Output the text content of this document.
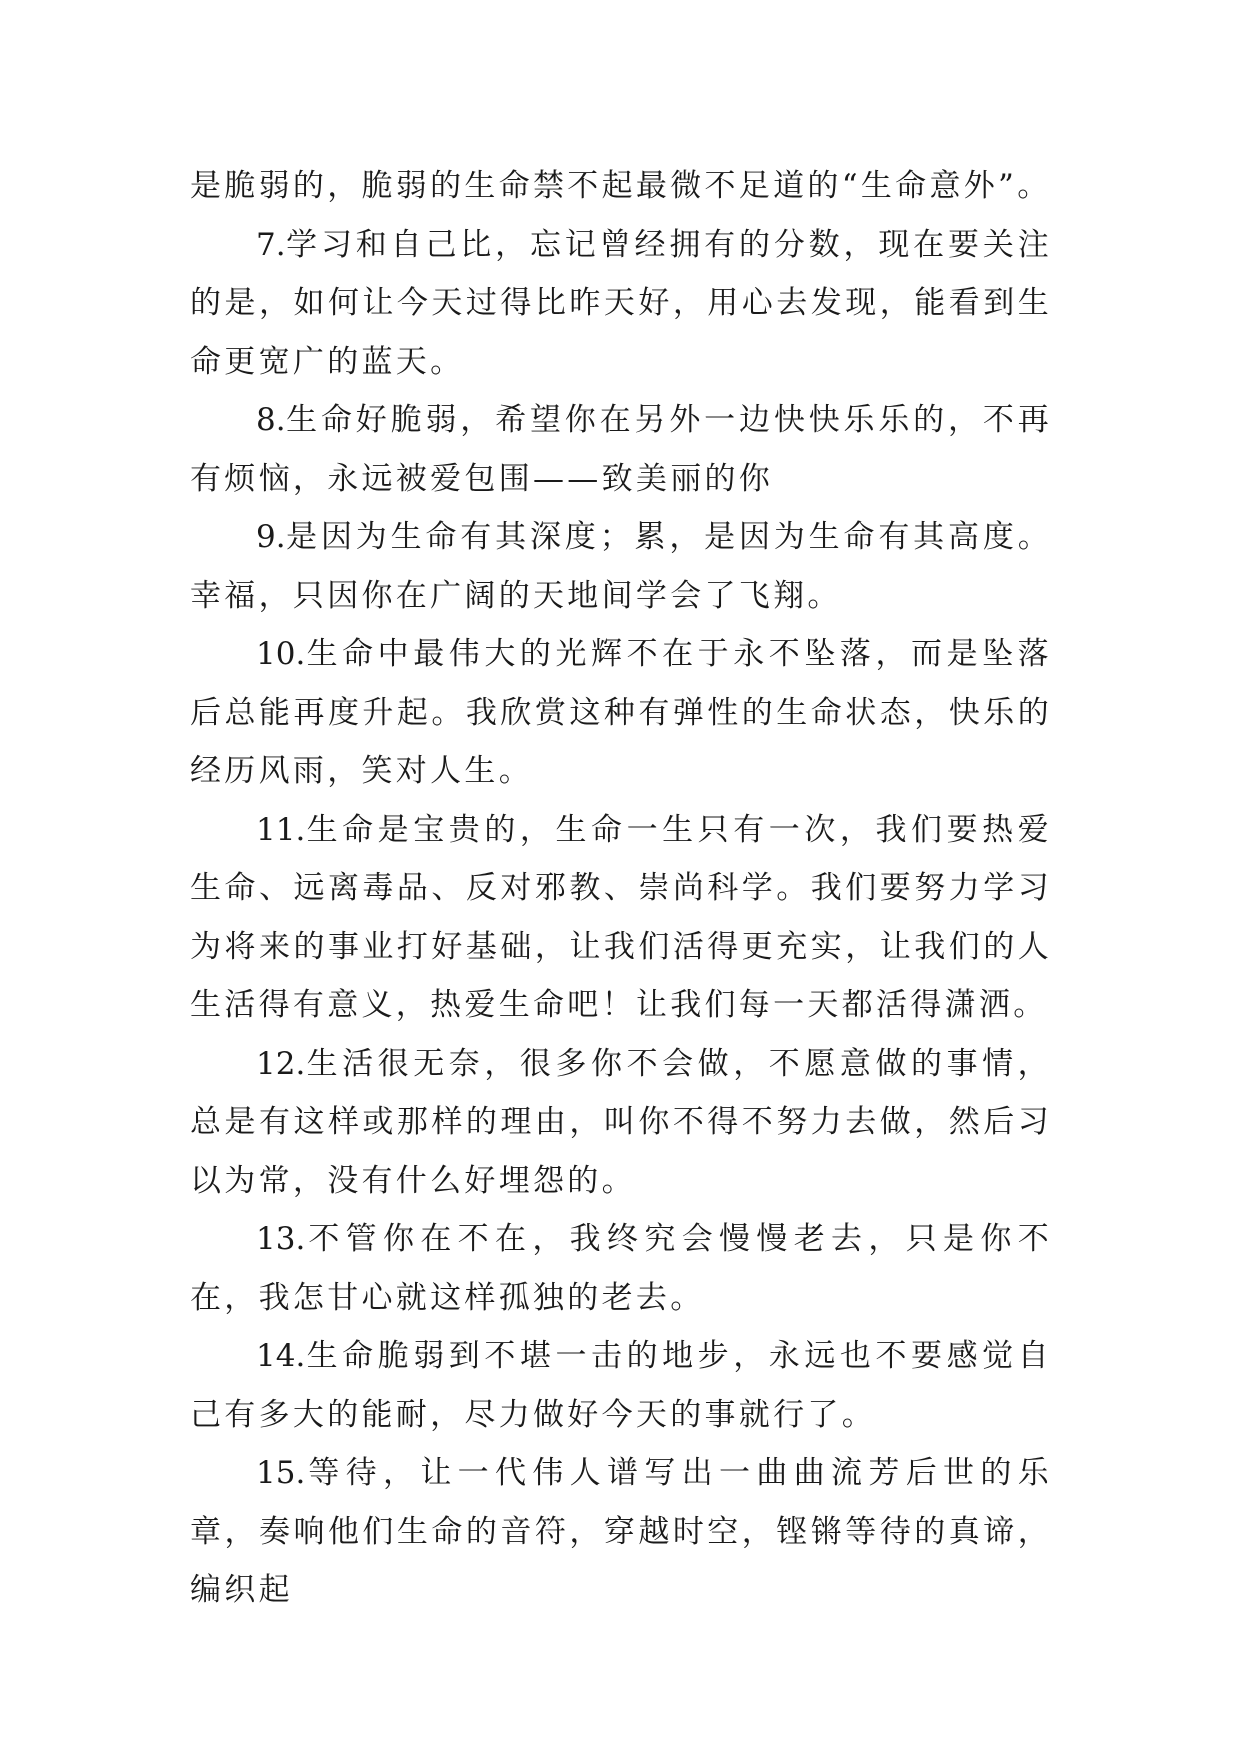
是脆弱的，脆弱的生命禁不起最微不足道的“生命意外”。

7.学习和自己比，忘记曾经拥有的分数，现在要关注的是，如何让今天过得比昨天好，用心去发现，能看到生命更宽广的蓝天。

8.生命好脆弱，希望你在另外一边快快乐乐的，不再有烦恼，永远被爱包围——致美丽的你

9.是因为生命有其深度；累，是因为生命有其高度。幸福，只因你在广阔的天地间学会了飞翔。

10.生命中最伟大的光辉不在于永不坠落，而是坠落后总能再度升起。我欣赏这种有弹性的生命状态，快乐的经历风雨，笑对人生。

11.生命是宝贵的，生命一生只有一次，我们要热爱生命、远离毒品、反对邪教、崇尚科学。我们要努力学习为将来的事业打好基础，让我们活得更充实，让我们的人生活得有意义，热爱生命吧！让我们每一天都活得潇洒。

12.生活很无奈，很多你不会做，不愿意做的事情，总是有这样或那样的理由，叫你不得不努力去做，然后习以为常，没有什么好埋怨的。

13.不管你在不在，我终究会慢慢老去，只是你不在，我怎甘心就这样孤独的老去。

14.生命脆弱到不堪一击的地步，永远也不要感觉自己有多大的能耐，尽力做好今天的事就行了。

15.等待，让一代伟人谱写出一曲曲流芳后世的乐章，奏响他们生命的音符，穿越时空，铿锵等待的真谛，编织起
